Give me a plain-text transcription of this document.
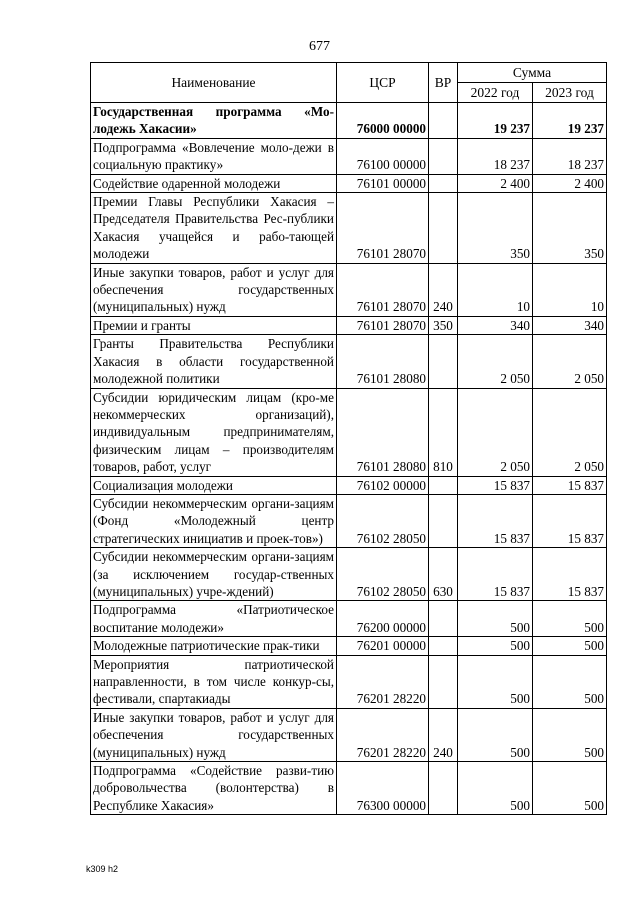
677
Наименование	ЦСР	ВР	Сумма	
			2022 год	2023 год
Государственная программа «Мо-лодежь Хакасии»	76000 00000		19 237	19 237
Подпрограмма «Вовлечение моло-дежи в социальную практику»	76100 00000		18 237	18 237
Содействие одаренной молодежи	76101 00000		2 400	2 400
Премии Главы Республики Хакасия – Председателя Правительства Рес-публики Хакасия учащейся и рабо-тающей молодежи	76101 28070		350	350
Иные закупки товаров, работ и услуг для обеспечения государственных (муниципальных) нужд	76101 28070	240	10	10
Премии и гранты	76101 28070	350	340	340
Гранты Правительства Республики Хакасия в области государственной молодежной политики	76101 28080		2 050	2 050
Субсидии юридическим лицам (кро-ме некоммерческих организаций), индивидуальным предпринимателям, физическим лицам – производителям товаров, работ, услуг	76101 28080	810	2 050	2 050
Социализация молодежи	76102 00000		15 837	15 837
Субсидии некоммерческим органи-зациям (Фонд «Молодежный центр стратегических инициатив и проек-тов»)	76102 28050		15 837	15 837
Субсидии некоммерческим органи-зациям (за исключением государ-ственных (муниципальных) учре-ждений)	76102 28050	630	15 837	15 837
Подпрограмма «Патриотическое воспитание молодежи»	76200 00000		500	500
Молодежные патриотические прак-тики	76201 00000		500	500
Мероприятия патриотической направленности, в том числе конкур-сы, фестивали, спартакиады	76201 28220		500	500
Иные закупки товаров, работ и услуг для обеспечения государственных (муниципальных) нужд	76201 28220	240	500	500
Подпрограмма «Содействие разви-тию добровольчества (волонтерства) в Республике Хакасия»	76300 00000		500	500
k309 h2
